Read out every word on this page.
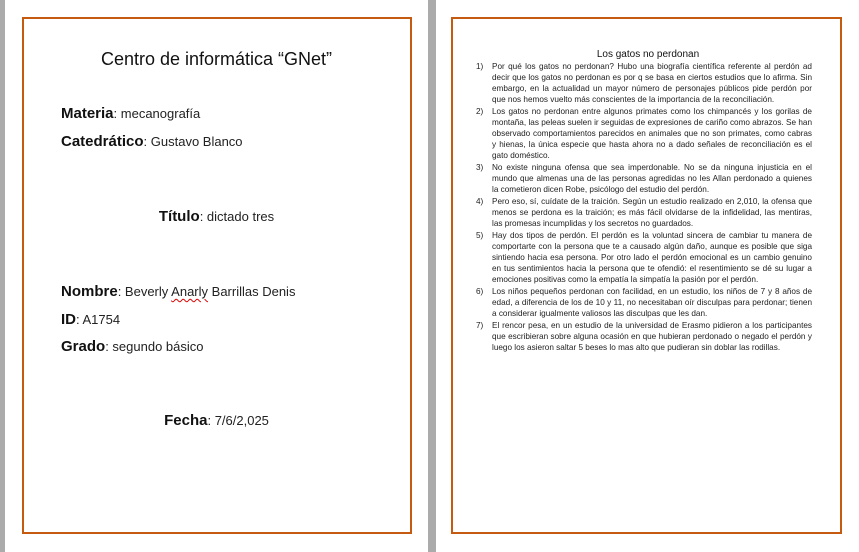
Centro de informática “GNet”
Materia: mecanografía
Catedrático: Gustavo Blanco
Título: dictado tres
Nombre: Beverly Anarly Barrillas Denis
ID: A1754
Grado: segundo básico
Fecha: 7/6/2,025
Los gatos no perdonan
1) Por qué los gatos no perdonan? Hubo una biografía científica referente al perdón ad decir que los gatos no perdonan es por q se basa en ciertos estudios que lo afirma. Sin embargo, en la actualidad un mayor número de personajes públicos pide perdón por que nos hemos vuelto más conscientes de la importancia de la reconciliación.
2) Los gatos no perdonan entre algunos primates como los chimpancés y los gorilas de montaña, las peleas suelen ir seguidas de expresiones de cariño como abrazos. Se han observado comportamientos parecidos en animales que no son primates, como cabras y hienas, la única especie que hasta ahora no a dado señales de reconciliación es el gato doméstico.
3) No existe ninguna ofensa que sea imperdonable. No se da ninguna injusticia en el mundo que almenas una de las personas agredidas no les Allan perdonado a quienes la cometieron dicen Robe, psicólogo del estudio del perdón.
4) Pero eso, sí, cuídate de la traición. Según un estudio realizado en 2,010, la ofensa que menos se perdona es la traición; es más fácil olvidarse de la infidelidad, las mentiras, las promesas incumplidas y los secretos no guardados.
5) Hay dos tipos de perdón. El perdón es la voluntad sincera de cambiar tu manera de comportarte con la persona que te a causado algún daño, aunque es posible que siga sintiendo hacia esa persona. Por otro lado el perdón emocional es un cambio genuino en tus sentimientos hacia la persona que te ofendió: el resentimiento se dé su lugar a emociones positivas como la empatía la simpatía la pasión por el perdón.
6) Los niños pequeños perdonan con facilidad, en un estudio, los niños de 7 y 8 años de edad, a diferencia de los de 10 y 11, no necesitaban oír disculpas para perdonar; tienen a considerar igualmente valiosos las disculpas que les dan.
7) El rencor pesa, en un estudio de la universidad de Erasmo pidieron a los participantes que escribieran sobre alguna ocasión en que hubieran perdonado o negado el perdón y luego los asieron saltar 5 beses lo mas alto que pudieran sin doblar las rodillas.
